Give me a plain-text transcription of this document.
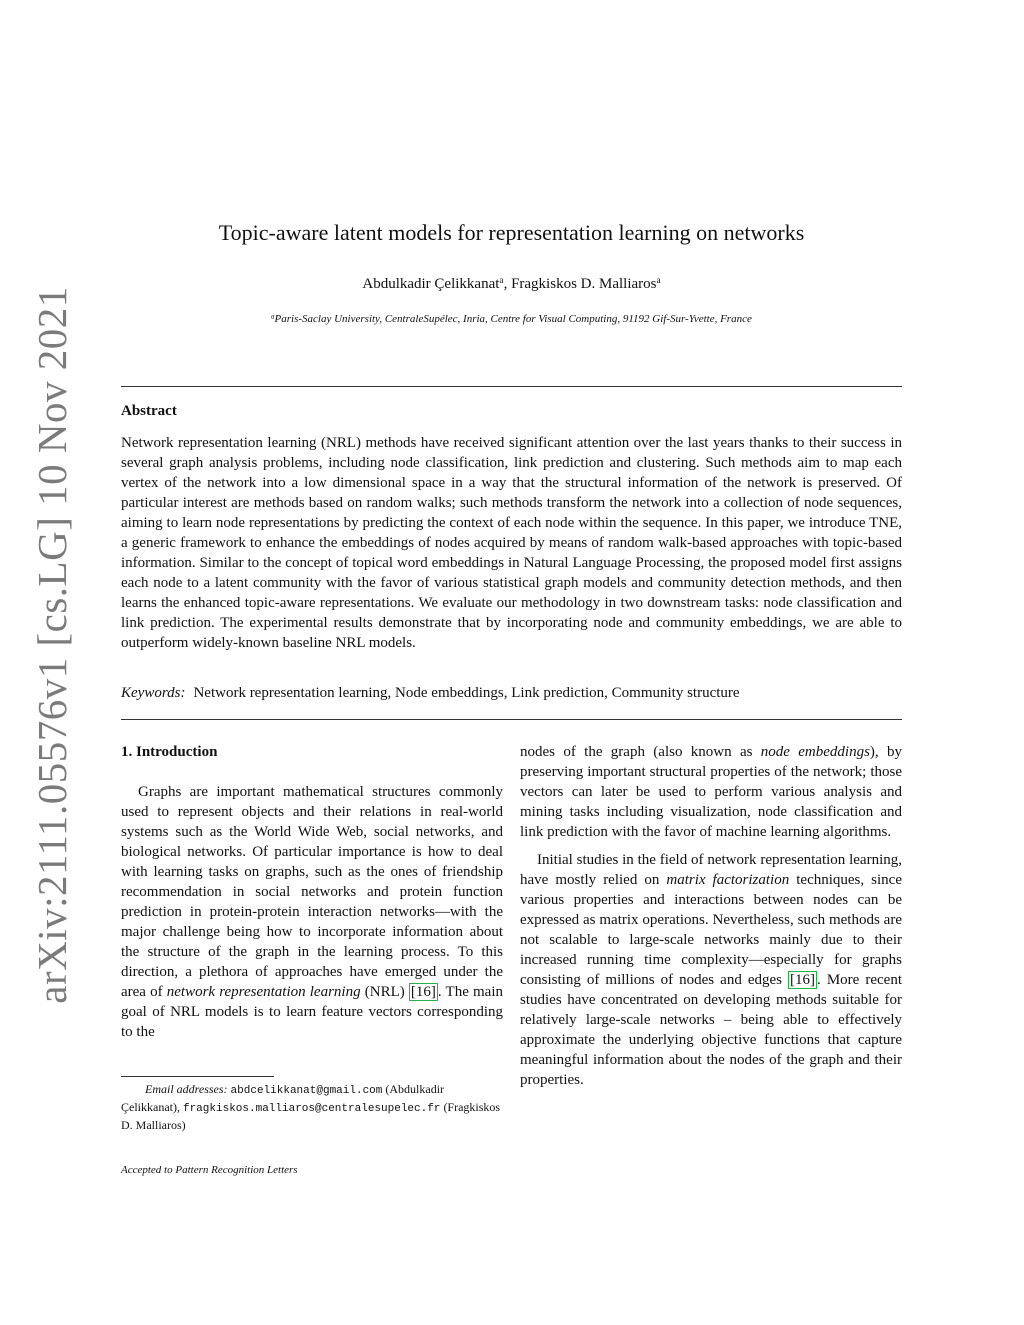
arXiv:2111.05576v1 [cs.LG] 10 Nov 2021
Topic-aware latent models for representation learning on networks
Abdulkadir Çelikkanat$^a$, Fragkiskos D. Malliaros$^a$
$^a$Paris-Saclay University, CentraleSupélec, Inria, Centre for Visual Computing, 91192 Gif-Sur-Yvette, France
Abstract

Network representation learning (NRL) methods have received significant attention over the last years thanks to their success in several graph analysis problems, including node classification, link prediction and clustering. Such methods aim to map each vertex of the network into a low dimensional space in a way that the structural information of the network is preserved. Of particular interest are methods based on random walks; such methods transform the network into a collection of node sequences, aiming to learn node representations by predicting the context of each node within the sequence. In this paper, we introduce TNE, a generic framework to enhance the embeddings of nodes acquired by means of random walk-based approaches with topic-based information. Similar to the concept of topical word embeddings in Natural Language Processing, the proposed model first assigns each node to a latent community with the favor of various statistical graph models and community detection methods, and then learns the enhanced topic-aware representations. We evaluate our methodology in two downstream tasks: node classification and link prediction. The experimental results demonstrate that by incorporating node and community embeddings, we are able to outperform widely-known baseline NRL models.

Keywords: Network representation learning, Node embeddings, Link prediction, Community structure

1. Introduction

Graphs are important mathematical structures commonly used to represent objects and their relations in real-world systems such as the World Wide Web, social networks, and biological networks. Of particular importance is how to deal with learning tasks on graphs, such as the ones of friendship recommendation in social networks and protein function prediction in protein-protein interaction networks—with the major challenge being how to incorporate information about the structure of the graph in the learning process. To this direction, a plethora of approaches have emerged under the area of network representation learning (NRL) [16] . The main goal of NRL models is to learn feature vectors corresponding to the

nodes of the graph (also known as node embeddings), by preserving important structural properties of the network; those vectors can later be used to perform various analysis and mining tasks including visualization, node classification and link prediction with the favor of machine learning algorithms.

Initial studies in the field of network representation learning, have mostly relied on matrix factorization techniques, since various properties and interactions between nodes can be expressed as matrix operations. Nevertheless, such methods are not scalable to large-scale networks mainly due to their increased running time complexity—especially for graphs consisting of millions of nodes and edges [16] . More recent studies have concentrated on developing methods suitable for relatively large-scale networks – being able to effectively approximate the underlying objective functions that capture meaningful information about the nodes of the graph and their properties.

Email addresses: abdcelikkanat@gmail.com (Abdulkadir Çelikkanat), fragkiskos.malliaros@centralesupelec.fr (Fragkiskos D. Malliaros)

Accepted to Pattern Recognition Letters
